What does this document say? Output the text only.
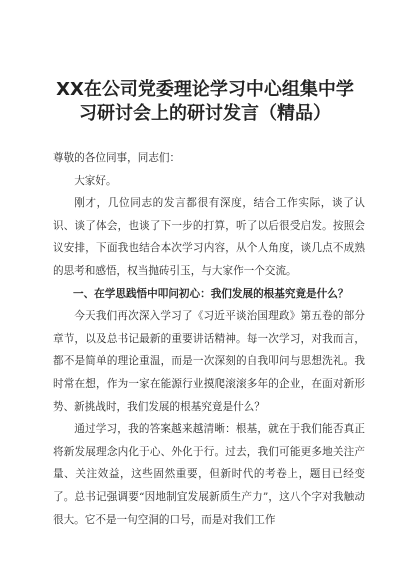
XX在公司党委理论学习中心组集中学
习研讨会上的研讨发言（精品）

尊敬的各位同事，同志们：

大家好。

刚才，几位同志的发言都很有深度，结合工作实际，谈了认识、谈了体会，也谈了下一步的打算，听了以后很受启发。按照会议安排，下面我也结合本次学习内容，从个人角度，谈几点不成熟的思考和感悟，权当抛砖引玉，与大家作一个交流。

一、在学思践悟中叩问初心：我们发展的根基究竟是什么？

今天我们再次深入学习了《习近平谈治国理政》第五卷的部分章节，以及总书记最新的重要讲话精神。每一次学习，对我而言，都不是简单的理论重温，而是一次深刻的自我叩问与思想洗礼。我时常在想，作为一家在能源行业摸爬滚滚多年的企业，在面对新形势、新挑战时，我们发展的根基究竟是什么？

通过学习，我的答案越来越清晰：根基，就在于我们能否真正将新发展理念内化于心、外化于行。过去，我们可能更多地关注产量、关注效益，这些固然重要，但新时代的考卷上，题目已经变了。总书记强调要“因地制宜发展新质生产力”，这八个字对我触动很大。它不是一句空洞的口号，而是对我们工作
